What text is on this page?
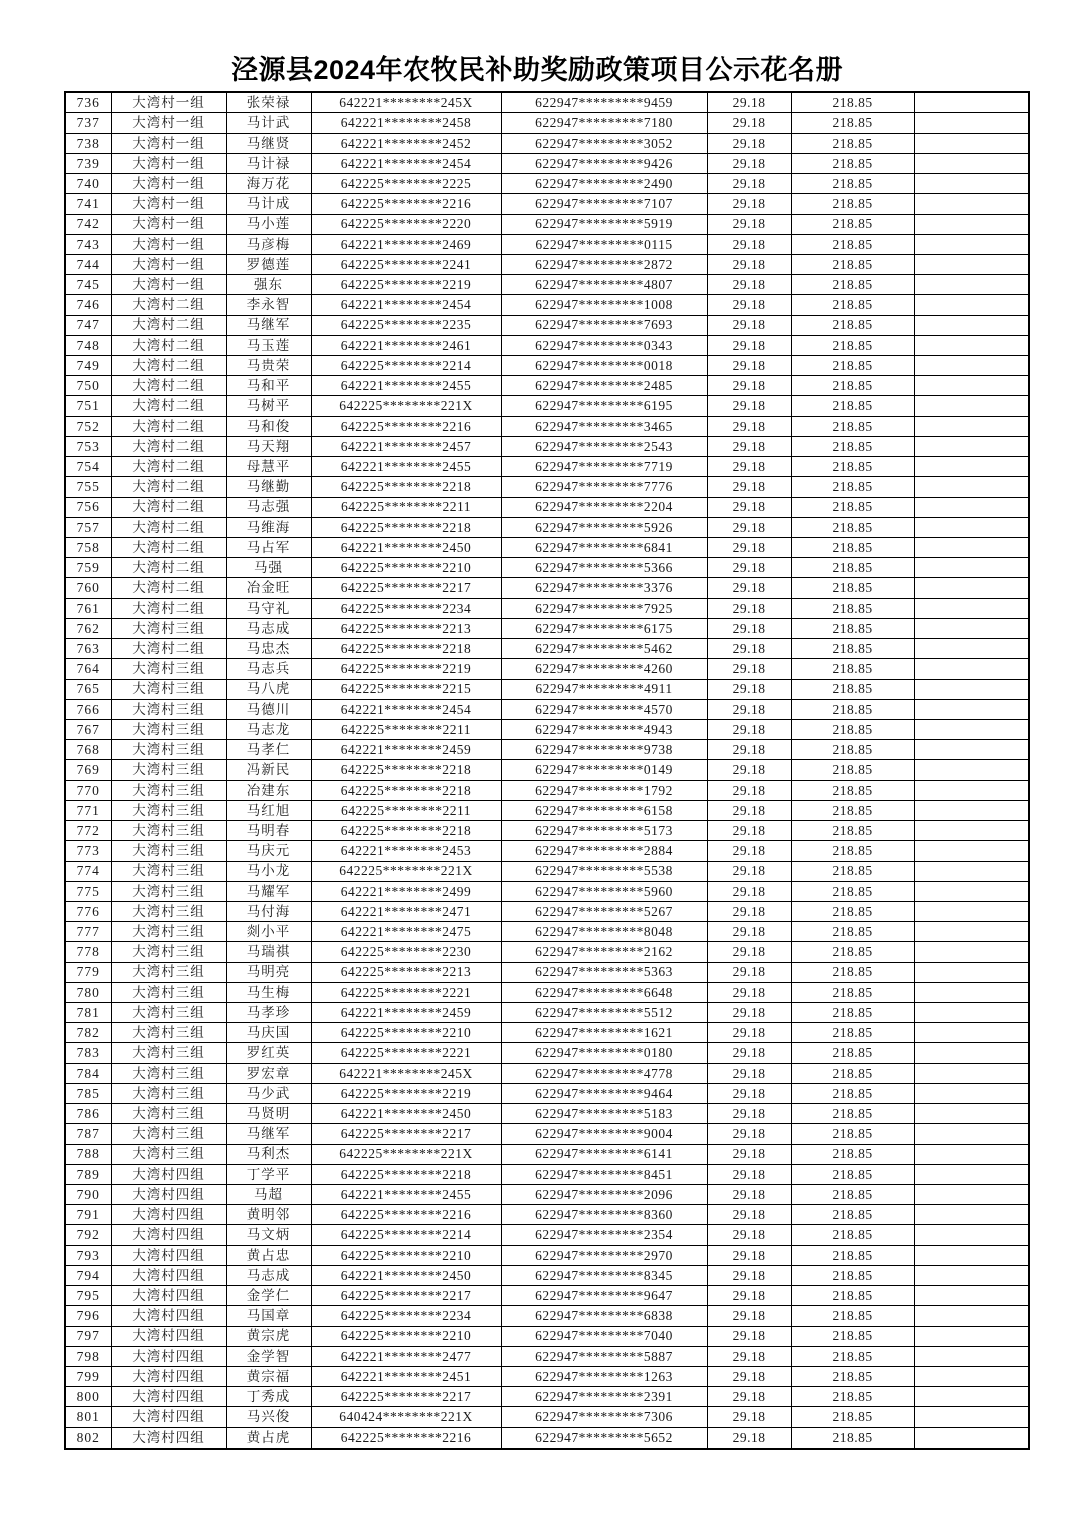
泾源县2024年农牧民补助奖励政策项目公示花名册
736	大湾村一组	张荣禄	642221********245X	622947*********9459	29.18	218.85	
737	大湾村一组	马计武	642221********2458	622947*********7180	29.18	218.85	
738	大湾村一组	马继贤	642221********2452	622947*********3052	29.18	218.85	
739	大湾村一组	马计禄	642221********2454	622947*********9426	29.18	218.85	
740	大湾村一组	海万花	642225********2225	622947*********2490	29.18	218.85	
741	大湾村一组	马计成	642225********2216	622947*********7107	29.18	218.85	
742	大湾村一组	马小莲	642225********2220	622947*********5919	29.18	218.85	
743	大湾村一组	马彦梅	642221********2469	622947*********0115	29.18	218.85	
744	大湾村一组	罗德莲	642225********2241	622947*********2872	29.18	218.85	
745	大湾村一组	强东	642225********2219	622947*********4807	29.18	218.85	
746	大湾村二组	李永智	642221********2454	622947*********1008	29.18	218.85	
747	大湾村二组	马继军	642225********2235	622947*********7693	29.18	218.85	
748	大湾村二组	马玉莲	642221********2461	622947*********0343	29.18	218.85	
749	大湾村二组	马贵荣	642225********2214	622947*********0018	29.18	218.85	
750	大湾村二组	马和平	642221********2455	622947*********2485	29.18	218.85	
751	大湾村二组	马树平	642225********221X	622947*********6195	29.18	218.85	
752	大湾村二组	马和俊	642225********2216	622947*********3465	29.18	218.85	
753	大湾村二组	马天翔	642221********2457	622947*********2543	29.18	218.85	
754	大湾村二组	母慧平	642221********2455	622947*********7719	29.18	218.85	
755	大湾村二组	马继勤	642225********2218	622947*********7776	29.18	218.85	
756	大湾村二组	马志强	642225********2211	622947*********2204	29.18	218.85	
757	大湾村二组	马维海	642225********2218	622947*********5926	29.18	218.85	
758	大湾村二组	马占军	642221********2450	622947*********6841	29.18	218.85	
759	大湾村二组	马强	642225********2210	622947*********5366	29.18	218.85	
760	大湾村二组	冶金旺	642225********2217	622947*********3376	29.18	218.85	
761	大湾村二组	马守礼	642225********2234	622947*********7925	29.18	218.85	
762	大湾村三组	马志成	642225********2213	622947*********6175	29.18	218.85	
763	大湾村二组	马忠杰	642225********2218	622947*********5462	29.18	218.85	
764	大湾村三组	马志兵	642225********2219	622947*********4260	29.18	218.85	
765	大湾村三组	马八虎	642225********2215	622947*********4911	29.18	218.85	
766	大湾村三组	马德川	642221********2454	622947*********4570	29.18	218.85	
767	大湾村三组	马志龙	642225********2211	622947*********4943	29.18	218.85	
768	大湾村三组	马孝仁	642221********2459	622947*********9738	29.18	218.85	
769	大湾村三组	冯新民	642225********2218	622947*********0149	29.18	218.85	
770	大湾村三组	冶建东	642225********2218	622947*********1792	29.18	218.85	
771	大湾村三组	马红旭	642225********2211	622947*********6158	29.18	218.85	
772	大湾村三组	马明春	642225********2218	622947*********5173	29.18	218.85	
773	大湾村三组	马庆元	642221********2453	622947*********2884	29.18	218.85	
774	大湾村三组	马小龙	642225********221X	622947*********5538	29.18	218.85	
775	大湾村三组	马耀军	642221********2499	622947*********5960	29.18	218.85	
776	大湾村三组	马付海	642221********2471	622947*********5267	29.18	218.85	
777	大湾村三组	剡小平	642221********2475	622947*********8048	29.18	218.85	
778	大湾村三组	马瑞祺	642225********2230	622947*********2162	29.18	218.85	
779	大湾村三组	马明亮	642225********2213	622947*********5363	29.18	218.85	
780	大湾村三组	马生梅	642225********2221	622947*********6648	29.18	218.85	
781	大湾村三组	马孝珍	642221********2459	622947*********5512	29.18	218.85	
782	大湾村三组	马庆国	642225********2210	622947*********1621	29.18	218.85	
783	大湾村三组	罗红英	642225********2221	622947*********0180	29.18	218.85	
784	大湾村三组	罗宏章	642221********245X	622947*********4778	29.18	218.85	
785	大湾村三组	马少武	642225********2219	622947*********9464	29.18	218.85	
786	大湾村三组	马贤明	642221********2450	622947*********5183	29.18	218.85	
787	大湾村三组	马继军	642225********2217	622947*********9004	29.18	218.85	
788	大湾村三组	马利杰	642225********221X	622947*********6141	29.18	218.85	
789	大湾村四组	丁学平	642225********2218	622947*********8451	29.18	218.85	
790	大湾村四组	马超	642221********2455	622947*********2096	29.18	218.85	
791	大湾村四组	黄明邻	642225********2216	622947*********8360	29.18	218.85	
792	大湾村四组	马文炳	642225********2214	622947*********2354	29.18	218.85	
793	大湾村四组	黄占忠	642225********2210	622947*********2970	29.18	218.85	
794	大湾村四组	马志成	642221********2450	622947*********8345	29.18	218.85	
795	大湾村四组	金学仁	642225********2217	622947*********9647	29.18	218.85	
796	大湾村四组	马国章	642225********2234	622947*********6838	29.18	218.85	
797	大湾村四组	黄宗虎	642225********2210	622947*********7040	29.18	218.85	
798	大湾村四组	金学智	642221********2477	622947*********5887	29.18	218.85	
799	大湾村四组	黄宗福	642221********2451	622947*********1263	29.18	218.85	
800	大湾村四组	丁秀成	642225********2217	622947*********2391	29.18	218.85	
801	大湾村四组	马兴俊	640424********221X	622947*********7306	29.18	218.85	
802	大湾村四组	黄占虎	642225********2216	622947*********5652	29.18	218.85	
